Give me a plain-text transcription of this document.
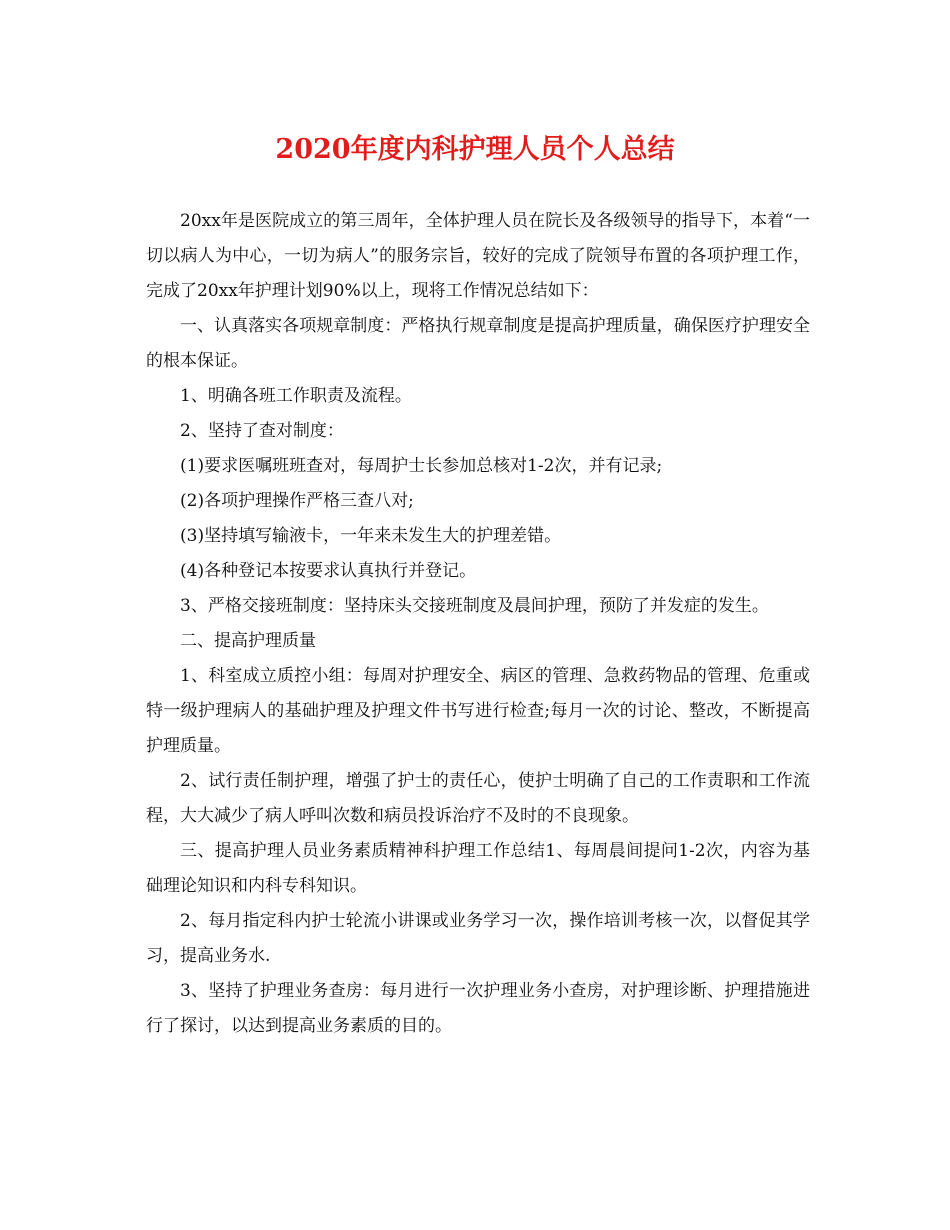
2020年度内科护理人员个人总结

20xx年是医院成立的第三周年，全体护理人员在院长及各级领导的指导下，本着“一切以病人为中心，一切为病人”的服务宗旨，较好的完成了院领导布置的各项护理工作，完成了20xx年护理计划90%以上，现将工作情况总结如下：

一、认真落实各项规章制度：严格执行规章制度是提高护理质量，确保医疗护理安全的根本保证。

1、明确各班工作职责及流程。

2、坚持了查对制度：

(1)要求医嘱班班查对，每周护士长参加总核对1-2次，并有记录;

(2)各项护理操作严格三查八对;

(3)坚持填写输液卡，一年来未发生大的护理差错。

(4)各种登记本按要求认真执行并登记。

3、严格交接班制度：坚持床头交接班制度及晨间护理，预防了并发症的发生。

二、提高护理质量

1、科室成立质控小组：每周对护理安全、病区的管理、急救药物品的管理、危重或特一级护理病人的基础护理及护理文件书写进行检查;每月一次的讨论、整改，不断提高护理质量。

2、试行责任制护理，增强了护士的责任心，使护士明确了自己的工作责职和工作流程，大大减少了病人呼叫次数和病员投诉治疗不及时的不良现象。

三、提高护理人员业务素质精神科护理工作总结1、每周晨间提问1-2次，内容为基础理论知识和内科专科知识。

2、每月指定科内护士轮流小讲课或业务学习一次，操作培训考核一次，以督促其学习，提高业务水.

3、坚持了护理业务查房：每月进行一次护理业务小查房，对护理诊断、护理措施进行了探讨，以达到提高业务素质的目的。
